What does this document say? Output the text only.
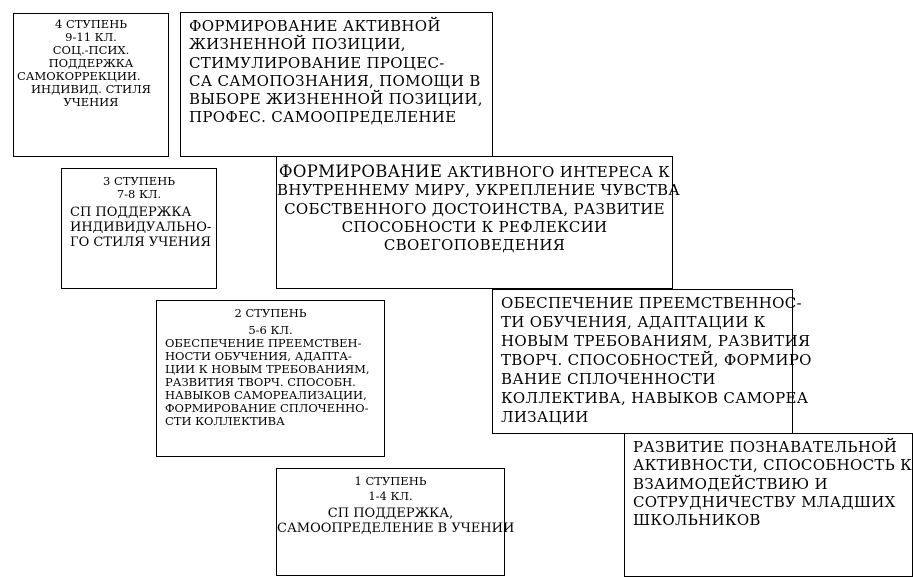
4 СТУПЕНЬ
9-11 КЛ.
СОЦ.-ПСИХ.
ПОДДЕРЖКА
САМОКОРРЕКЦИИ.
ИНДИВИД. СТИЛЯ
УЧЕНИЯ
ФОРМИРОВАНИЕ АКТИВНОЙ
ЖИЗНЕННОЙ ПОЗИЦИИ,
СТИМУЛИРОВАНИЕ ПРОЦЕС-
СА САМОПОЗНАНИЯ, ПОМОЩИ В
ВЫБОРЕ ЖИЗНЕННОЙ ПОЗИЦИИ,
ПРОФЕС. САМООПРЕДЕЛЕНИЕ
3 СТУПЕНЬ
7-8 КЛ.
СП ПОДДЕРЖКА
ИНДИВИДУАЛЬНО-
ГО СТИЛЯ УЧЕНИЯ
ФОРМИРОВАНИЕ АКТИВНОГО ИНТЕРЕСА К
ВНУТРЕННЕМУ МИРУ, УКРЕПЛЕНИЕ ЧУВСТВА
СОБСТВЕННОГО ДОСТОИНСТВА, РАЗВИТИЕ
СПОСОБНОСТИ К РЕФЛЕКСИИ
СВОЕГОПОВЕДЕНИЯ
2 СТУПЕНЬ
5-6 КЛ.
ОБЕСПЕЧЕНИЕ ПРЕЕМСТВЕН-
НОСТИ ОБУЧЕНИЯ, АДАПТА-
ЦИИ К НОВЫМ ТРЕБОВАНИЯМ,
РАЗВИТИЯ ТВОРЧ. СПОСОБН.
НАВЫКОВ САМОРЕАЛИЗАЦИИ,
ФОРМИРОВАНИЕ СПЛОЧЕННО-
СТИ КОЛЛЕКТИВА
ОБЕСПЕЧЕНИЕ ПРЕЕМСТВЕННОС-
ТИ ОБУЧЕНИЯ, АДАПТАЦИИ К
НОВЫМ ТРЕБОВАНИЯМ, РАЗВИТИЯ
ТВОРЧ. СПОСОБНОСТЕЙ, ФОРМИРО
ВАНИЕ СПЛОЧЕННОСТИ
КОЛЛЕКТИВА, НАВЫКОВ САМОРЕА
ЛИЗАЦИИ
1 СТУПЕНЬ
1-4 КЛ.
СП ПОДДЕРЖКА,
САМООПРЕДЕЛЕНИЕ В УЧЕНИИ
РАЗВИТИЕ ПОЗНАВАТЕЛЬНОЙ
АКТИВНОСТИ, СПОСОБНОСТЬ К
ВЗАИМОДЕЙСТВИЮ И
СОТРУДНИЧЕСТВУ МЛАДШИХ
ШКОЛЬНИКОВ
